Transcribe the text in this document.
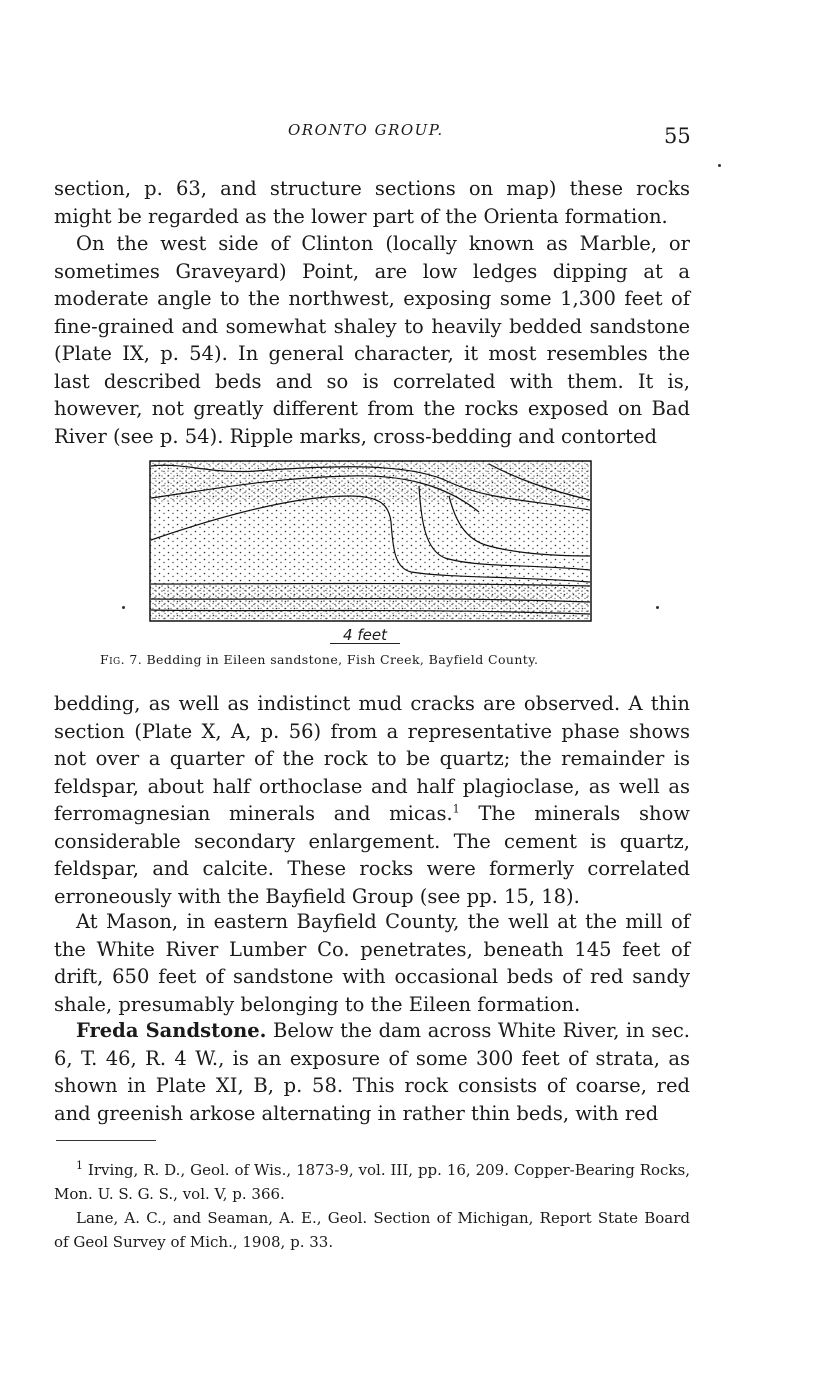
ORONTO GROUP.	55

section, p. 63, and structure sections on map) these rocks might be regarded as the lower part of the Orienta formation.

On the west side of Clinton (locally known as Marble, or sometimes Graveyard) Point, are low ledges dipping at a moderate angle to the northwest, exposing some 1,300 feet of fine-grained and somewhat shaley to heavily bedded sandstone (Plate IX, p. 54). In general character, it most resembles the last described beds and so is correlated with them. It is, however, not greatly different from the rocks exposed on Bad River (see p. 54). Ripple marks, cross-bedding and contorted

4 feet
Fig. 7. Bedding in Eileen sandstone, Fish Creek, Bayfield County.

bedding, as well as indistinct mud cracks are observed. A thin section (Plate X, A, p. 56) from a representative phase shows not over a quarter of the rock to be quartz; the remainder is feldspar, about half orthoclase and half plagioclase, as well as ferromagnesian minerals and micas.$^1$ The minerals show considerable secondary enlargement. The cement is quartz, feldspar, and calcite. These rocks were formerly correlated erroneously with the Bayfield Group (see pp. 15, 18).

At Mason, in eastern Bayfield County, the well at the mill of the White River Lumber Co. penetrates, beneath 145 feet of drift, 650 feet of sandstone with occasional beds of red sandy shale, presumably belonging to the Eileen formation.

Freda Sandstone. Below the dam across White River, in sec. 6, T. 46, R. 4 W., is an exposure of some 300 feet of strata, as shown in Plate XI, B, p. 58. This rock consists of coarse, red and greenish arkose alternating in rather thin beds, with red

$^1$ Irving, R. D., Geol. of Wis., 1873-9, vol. III, pp. 16, 209. Copper-Bearing Rocks, Mon. U. S. G. S., vol. V, p. 366.

Lane, A. C., and Seaman, A. E., Geol. Section of Michigan, Report State Board of Geol Survey of Mich., 1908, p. 33.
